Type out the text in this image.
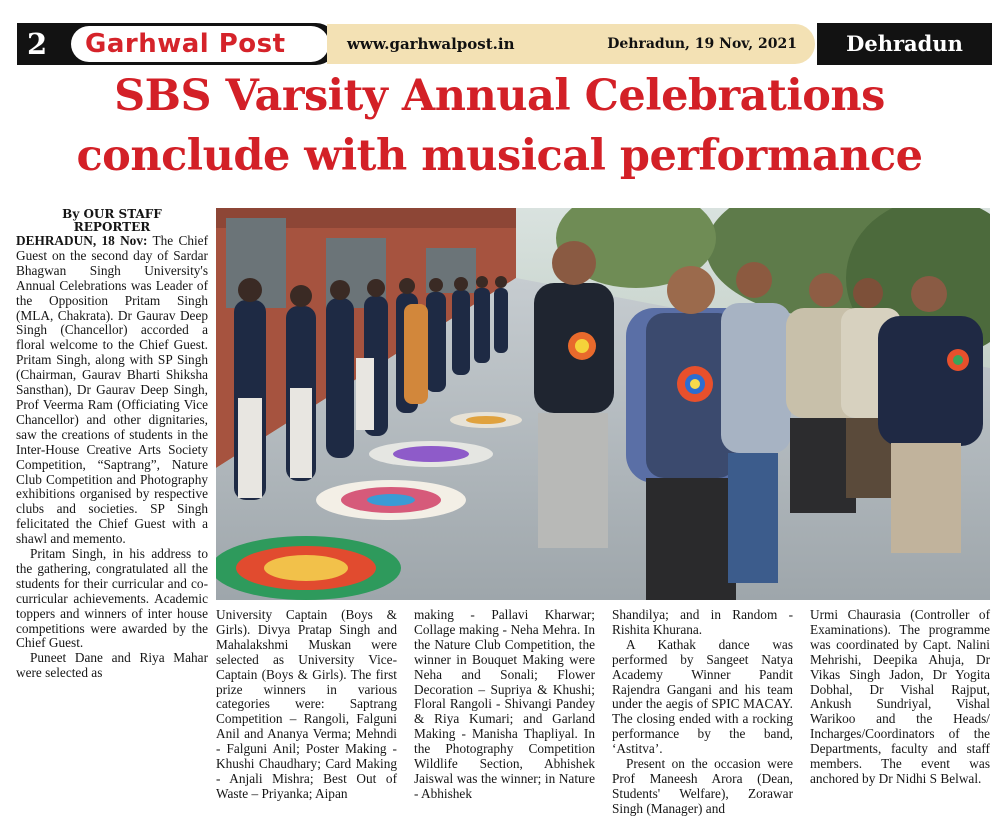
2	Garhwal Post	www.garhwalpost.in	Dehradun, 19 Nov, 2021	Dehradun
SBS Varsity Annual Celebrations
conclude with musical performance
By OUR STAFF
REPORTER

DEHRADUN, 18 Nov: The Chief Guest on the second day of Sardar Bhagwan Singh University's Annual Celebrations was Leader of the Opposition Pritam Singh (MLA, Chakrata). Dr Gaurav Deep Singh (Chancellor) accorded a floral welcome to the Chief Guest. Pritam Singh, along with SP Singh (Chairman, Gaurav Bharti Shiksha Sansthan), Dr Gaurav Deep Singh, Prof Veerma Ram (Officiating Vice Chancellor) and other dignitaries, saw the creations of students in the Inter-House Creative Arts Society Competition, “Saptrang”, Nature Club Competition and Photography exhibitions organised by respective clubs and societies. SP Singh felicitated the Chief Guest with a shawl and memento.

Pritam Singh, in his address to the gathering, congratulated all the students for their curricular and co-curricular achievements. Academic toppers and winners of inter house competitions were awarded by the Chief Guest.

Puneet Dane and Riya Mahar were selected as

University Captain (Boys & Girls). Divya Pratap Singh and Mahalakshmi Muskan were selected as University Vice-Captain (Boys & Girls). The first prize winners in various categories were: Saptrang Competition – Rangoli, Falguni Anil and Ananya Verma; Mehndi - Falguni Anil; Poster Making - Khushi Chaudhary; Card Making - Anjali Mishra; Best Out of Waste – Priyanka; Aipan

making - Pallavi Kharwar; Collage making - Neha Mehra. In the Nature Club Competition, the winner in Bouquet Making were Neha and Sonali; Flower Decoration – Supriya & Khushi; Floral Rangoli - Shivangi Pandey & Riya Kumari; and Garland Making - Manisha Thapliyal. In the Photography Competition Wildlife Section, Abhishek Jaiswal was the winner; in Nature - Abhishek

Shandilya; and in Random - Rishita Khurana.

A Kathak dance was performed by Sangeet Natya Academy Winner Pandit Rajendra Gangani and his team under the aegis of SPIC MACAY. The closing ended with a rocking performance by the band, ‘Astitva’.

Present on the occasion were Prof Maneesh Arora (Dean, Students' Welfare), Zorawar Singh (Manager) and

Urmi Chaurasia (Controller of Examinations). The programme was coordinated by Capt. Nalini Mehrishi, Deepika Ahuja, Dr Vikas Singh Jadon, Dr Yogita Dobhal, Dr Vishal Rajput, Ankush Sundriyal, Vishal Warikoo and the Heads/ Incharges/Coordinators of the Departments, faculty and staff members. The event was anchored by Dr Nidhi S Belwal.
